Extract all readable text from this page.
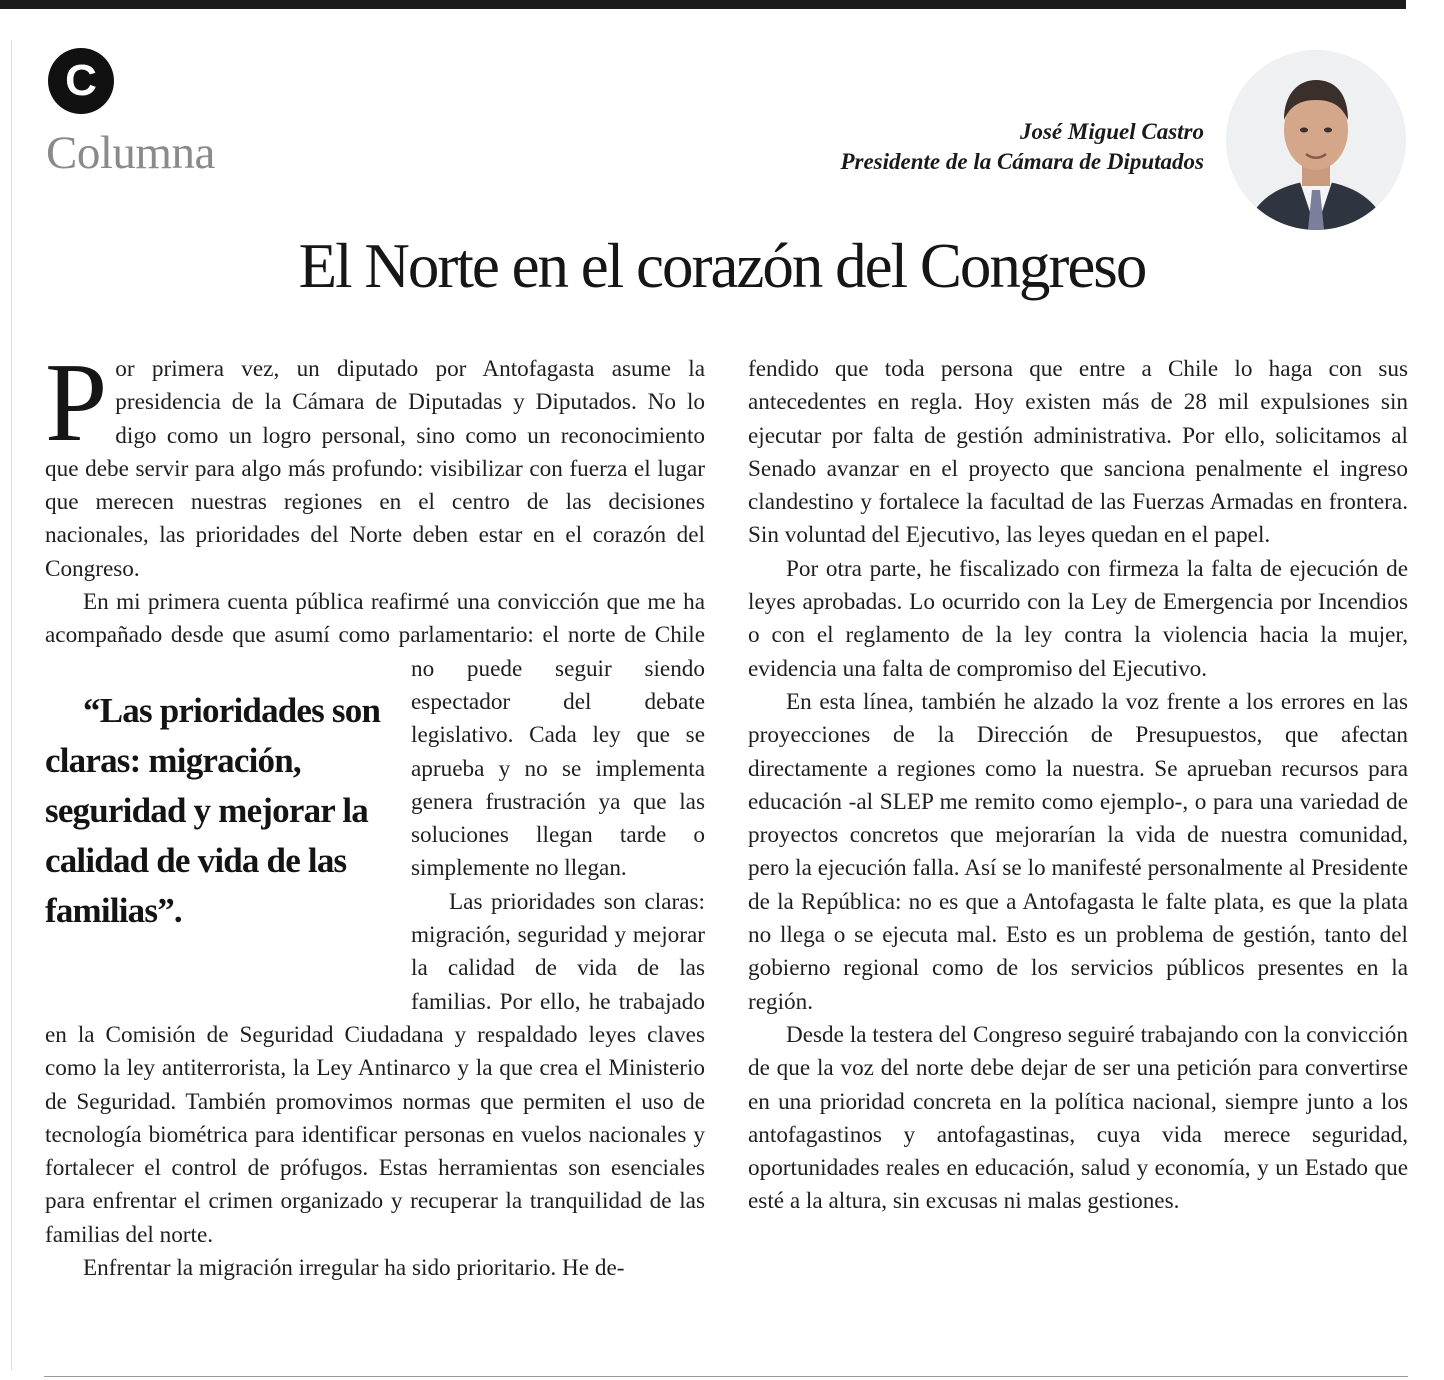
C
Columna	José Miguel Castro
Presidente de la Cámara de Diputados
El Norte en el corazón del Congreso

Por primera vez, un diputado por Antofagasta asume la presidencia de la Cámara de Diputadas y Diputados. No lo digo como un logro personal, sino como un reconocimiento que debe servir para algo más profundo: visibilizar con fuerza el lugar que merecen nuestras regiones en el centro de las decisiones nacionales, las prioridades del Norte deben estar en el corazón del Congreso.

En mi primera cuenta pública reafirmé una convicción que me ha acompañado desde que asumí como parlamentario: el
“Las prioridades son claras: migración, seguridad y mejorar la calidad de vida de las familias”.
norte de Chile no puede seguir siendo espectador del debate legislativo. Cada ley que se aprueba y no se implementa genera frustración ya que las soluciones llegan tarde o simplemente no llegan.

Las prioridades son claras: migración, seguridad y mejorar la calidad de vida de las familias. Por ello, he trabajado en la Comisión de Seguridad Ciudadana y respaldado leyes claves como la ley antiterrorista, la Ley Antinarco y la que crea el Ministerio de Seguridad. También promovimos normas que permiten el uso de tecnología biométrica para identificar personas en vuelos nacionales y fortalecer el control de prófugos. Estas herramientas son esenciales para enfrentar el crimen organizado y recuperar la tranquilidad de las familias del norte.

Enfrentar la migración irregular ha sido prioritario. He de-

fendido que toda persona que entre a Chile lo haga con sus antecedentes en regla. Hoy existen más de 28 mil expulsiones sin ejecutar por falta de gestión administrativa. Por ello, solicitamos al Senado avanzar en el proyecto que sanciona penalmente el ingreso clandestino y fortalece la facultad de las Fuerzas Armadas en frontera. Sin voluntad del Ejecutivo, las leyes quedan en el papel.

Por otra parte, he fiscalizado con firmeza la falta de ejecución de leyes aprobadas. Lo ocurrido con la Ley de Emergencia por Incendios o con el reglamento de la ley contra la violencia hacia la mujer, evidencia una falta de compromiso del Ejecutivo.

En esta línea, también he alzado la voz frente a los errores en las proyecciones de la Dirección de Presupuestos, que afectan directamente a regiones como la nuestra. Se aprueban recursos para educación -al SLEP me remito como ejemplo-, o para una variedad de proyectos concretos que mejorarían la vida de nuestra comunidad, pero la ejecución falla. Así se lo manifesté personalmente al Presidente de la República: no es que a Antofagasta le falte plata, es que la plata no llega o se ejecuta mal. Esto es un problema de gestión, tanto del gobierno regional como de los servicios públicos presentes en la región.

Desde la testera del Congreso seguiré trabajando con la convicción de que la voz del norte debe dejar de ser una petición para convertirse en una prioridad concreta en la política nacional, siempre junto a los antofagastinos y antofagastinas, cuya vida merece seguridad, oportunidades reales en educación, salud y economía, y un Estado que esté a la altura, sin excusas ni malas gestiones.
